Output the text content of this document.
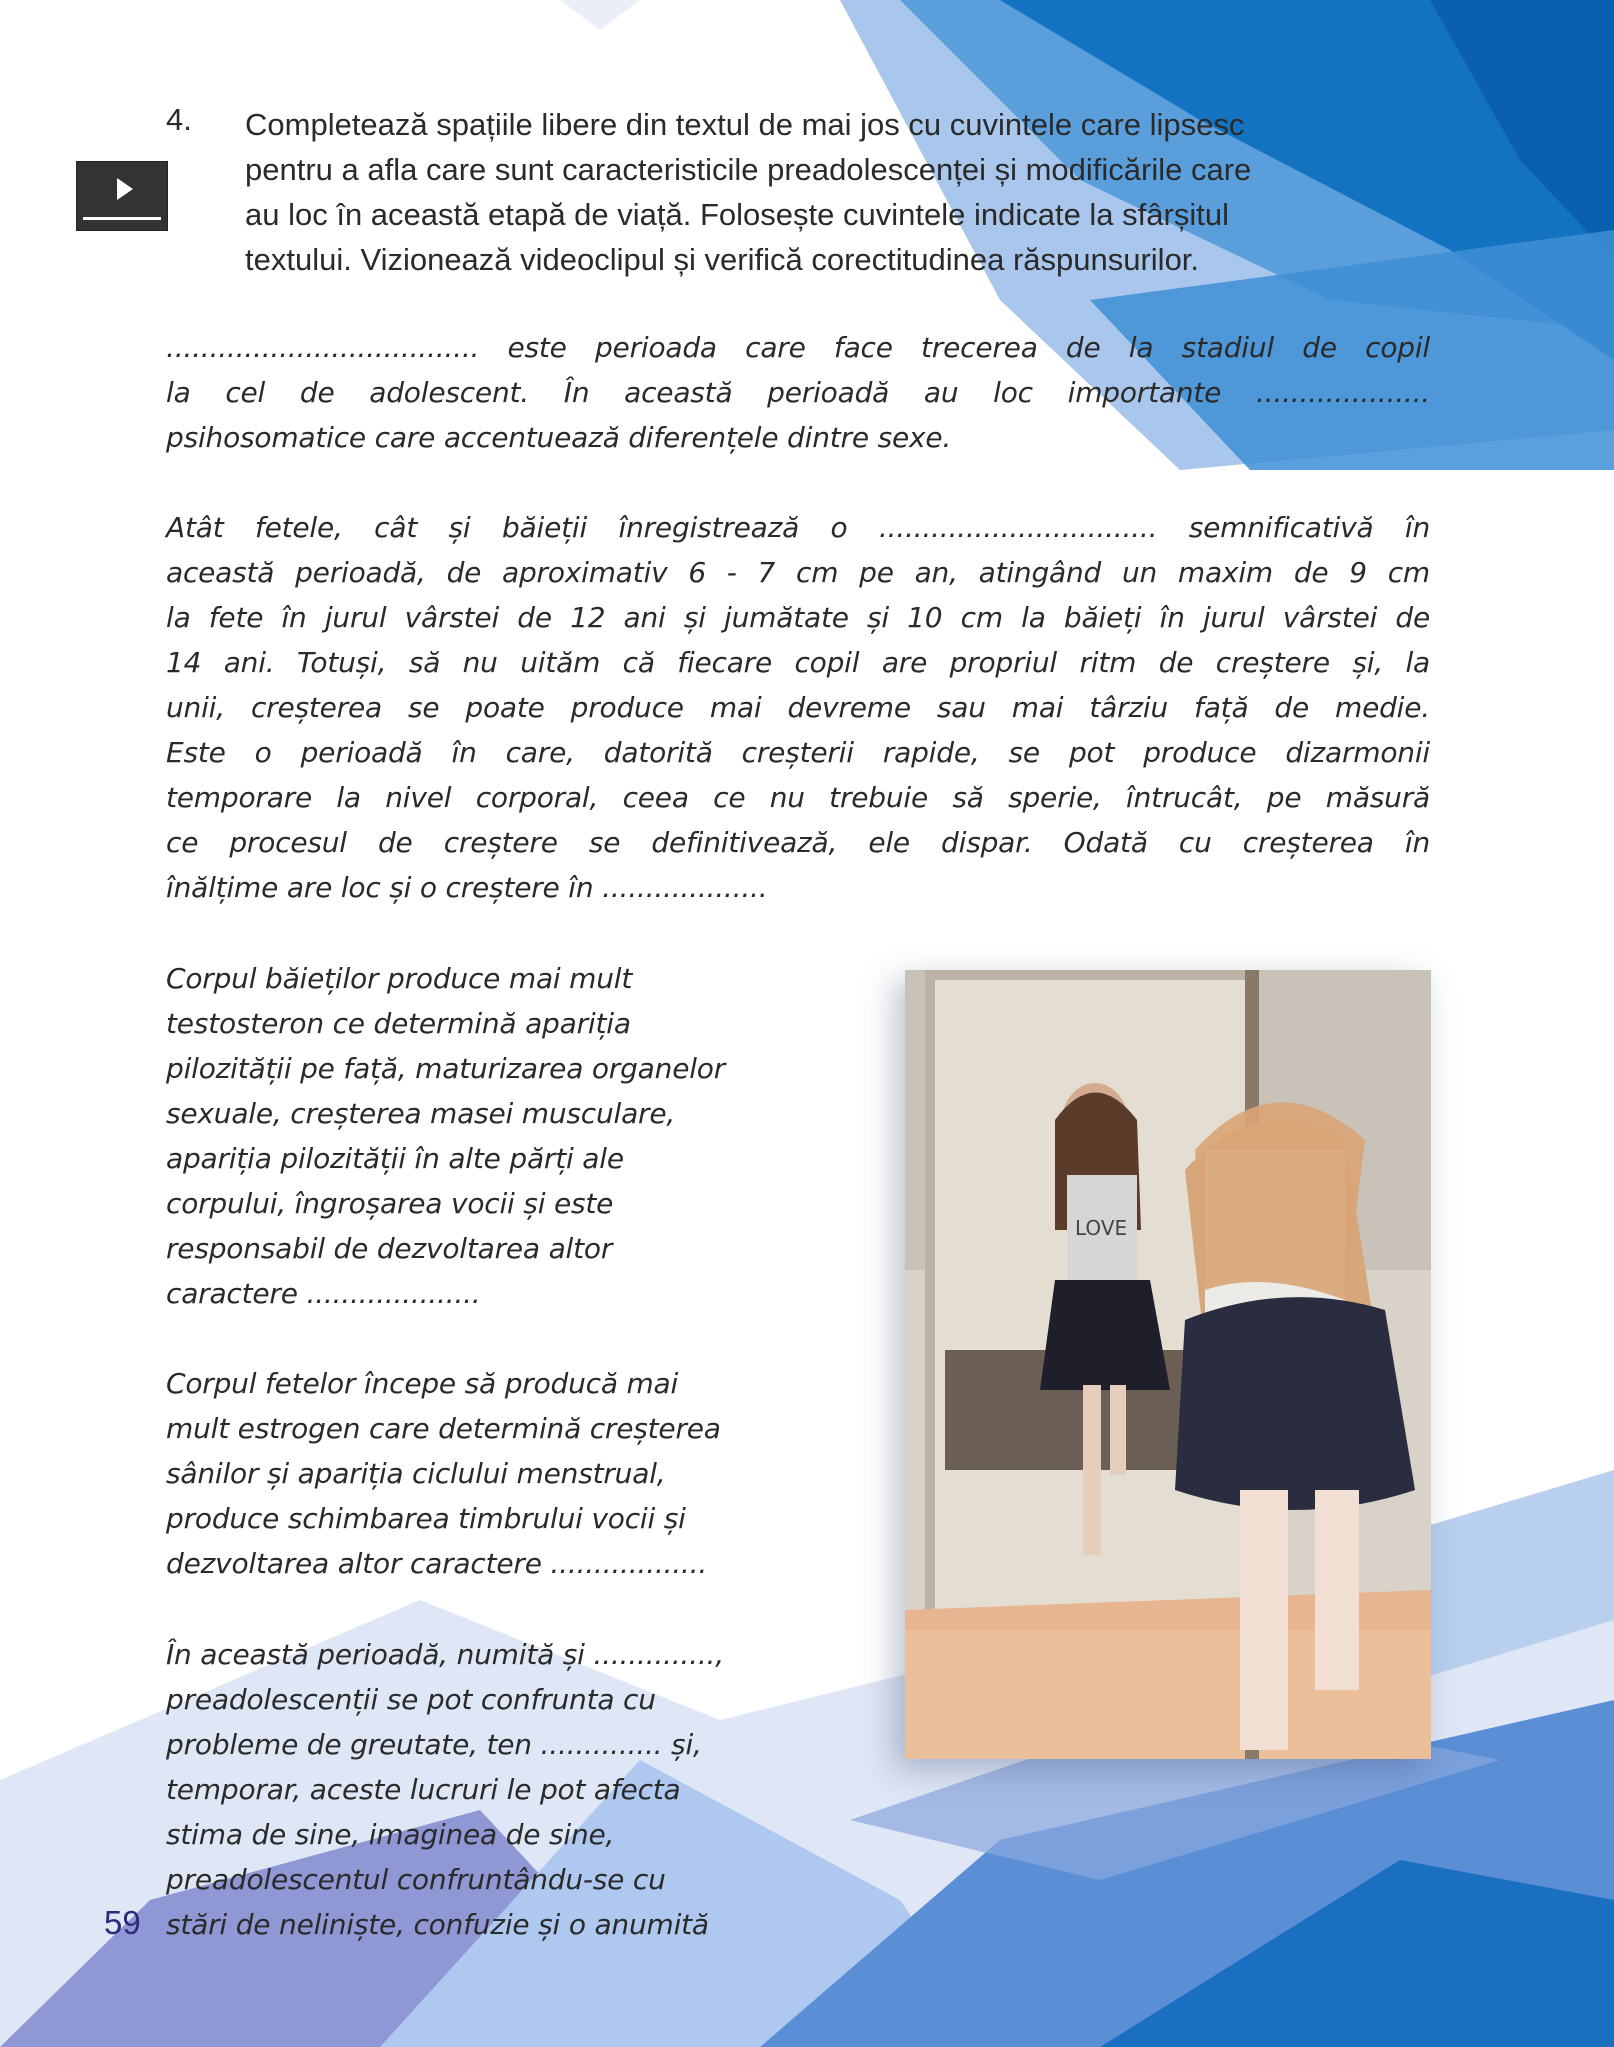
4. Completează spațiile libere din textul de mai jos cu cuvintele care lipsesc
pentru a afla care sunt caracteristicile preadolescenței și modificările care
au loc în această etapă de viață. Folosește cuvintele indicate la sfârșitul
textului. Vizionează videoclipul și verifică corectitudinea răspunsurilor.
.................................... este perioada care face trecerea de la stadiul de copil
la cel de adolescent. În această perioadă au loc importante ....................
psihosomatice care accentuează diferențele dintre sexe.
Atât fetele, cât și băieții înregistrează o ................................ semnificativă în
această perioadă, de aproximativ 6 - 7 cm pe an, atingând un maxim de 9 cm
la fete în jurul vârstei de 12 ani și jumătate și 10 cm la băieți în jurul vârstei de
14 ani. Totuși, să nu uităm că fiecare copil are propriul ritm de creștere și, la
unii, creșterea se poate produce mai devreme sau mai târziu față de medie.
Este o perioadă în care, datorită creșterii rapide, se pot produce dizarmonii
temporare la nivel corporal, ceea ce nu trebuie să sperie, întrucât, pe măsură
ce procesul de creștere se definitivează, ele dispar. Odată cu creșterea în
înălțime are loc și o creștere în ...................
Corpul băieților produce mai mult
testosteron ce determină apariția
pilozității pe față, maturizarea organelor
sexuale, creșterea masei musculare,
apariția pilozității în alte părți ale
corpului, îngroșarea vocii și este
responsabil de dezvoltarea altor
caractere ....................
Corpul fetelor începe să producă mai
mult estrogen care determină creșterea
sânilor și apariția ciclului menstrual,
produce schimbarea timbrului vocii și
dezvoltarea altor caractere ..................
În această perioadă, numită și ..............,
preadolescenții se pot confrunta cu
probleme de greutate, ten .............. și,
temporar, aceste lucruri le pot afecta
stima de sine, imaginea de sine,
preadolescentul confruntându-se cu
stări de neliniște, confuzie și o anumită
LOVE
59
